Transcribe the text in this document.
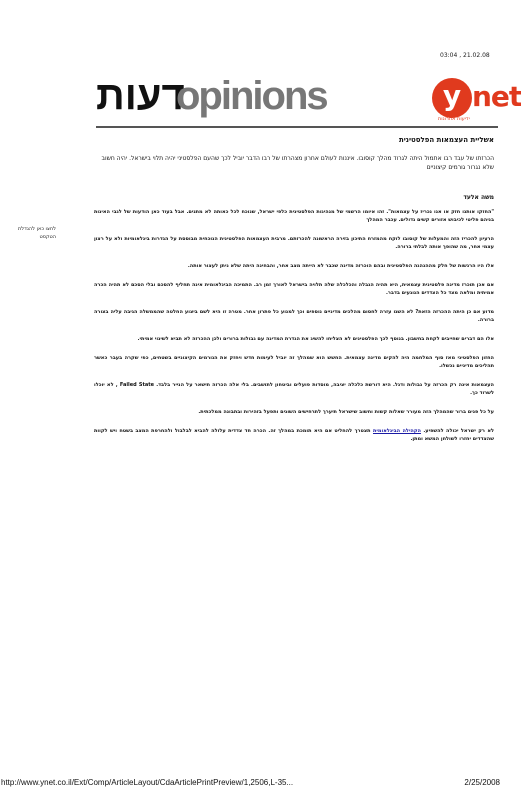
03:04 , 21.02.08
דעות
opinions	y net
ידיעות אחרונות
אשליית העצמאות הפלסטינית
הכרזתו של עבד רבו אתמול היתה לגרוד מהלך קוסובו. איננות לעולם אחרון מצהרתו של רבו הדבר יוביל לכך שהעם הפלסטיני יהיה תלוי בישראל. יהיה חשוב שלא נגרור גורמים קיצוניים
משה אלעד
לחצו כאן להגדלת הטקסט

"החזקו אותנו חזק או אנו נכריז על עצמאות". זהו איומו הרשמי של מנהיגות הפלסטינית כלפי ישראל, שנוכח לכל כאותה לא מתנים. אבל בעוד כאן הודעות של לגבי האינות בניהם פליטי לכיבוש אזורים קשים גדולים. עכבר המהלך

הרעיון להכריז הזה והמעלות של קוסובו לוקח מהמזרח התיכון בזירה הראשונה להכרזתם. מרבית העצמאות הפלסטינית הנוכחית מבוססת על הגדרות בינלאומיות ולא על רצון עצמי אחר, מה שהופך אותה לבלתי ברורה.

אלו היו הרגשות של חלק מההנהגה הפלסטינית ובהם הוכרזה מדינה שכבר לא הייתה מצב אחר, והבחינה היתה שלא ניתן לעצור אותה.

אם אכן תוכרז מדינה פלסטינית עצמאית, היא תהיה הגבלה והכלכלה שלה תלויה בישראל לאורך זמן רב. התמיכה הבינלאומית אינה תחליף להסכם ובלי הסכם לא תהיה הכרה אמיתית ומלאה מצד כל הצדדים הנוגעים בדבר.

מדוע אם כן היתה ההכרזה הזאת? לא השגו עזרה לחסום מהלכים מדיניים נוספים וכך למנוע כל פתרון אחר. מטרה זו היא לשם ביצוע החלטה שהממשלה הגיבה עליה בצורה ברורה.

אלו הם דברים שחייבים לקחת בחשבון. בנוסף לכך הפלסטינים לא הצליחו להשיג את הגדרת המדינה עם גבולות ברורים ולכן ההכרזה לא תביא לשינוי אמיתי.

החזון הפלסטיני מאז סוף המלחמה היה להקים מדינה עצמאית. החשש הוא שמהלך זה יוביל לעימות חדש ויחזק את הגורמים הקיצוניים בשטחים, כפי שקרה בעבר כאשר תהליכים מדיניים נכשלו.

העצמאות אינה רק הכרזה על גבולות ודגל. היא דורשת כלכלה יציבה, מוסדות פועלים וביטחון לתושבים. בלי אלה הכרזה תישאר על הנייר בלבד. Failed State , לא יוכלו לשרוד כך.

על כל פנים ברור שהמהלך הזה מעורר שאלות קשות וחשוב שישראל תיערך לתרחישים השונים ותפעל בזהירות ובתבונה ממלכתית.

לא רק ישראל יכולה להשפיע. הקהילה הבינלאומית תצטרך להחליט אם היא תומכת במהלך זה. הכרה חד צדדית עלולה להביא לבלבול ולהחרפת המצב בשטח ויש לקוות שהצדדים יחזרו לשולחן המשא ומתן.

http://www.ynet.co.il/Ext/Comp/ArticleLayout/CdaArticlePrintPreview/1,2506,L-35...	2/25/2008
